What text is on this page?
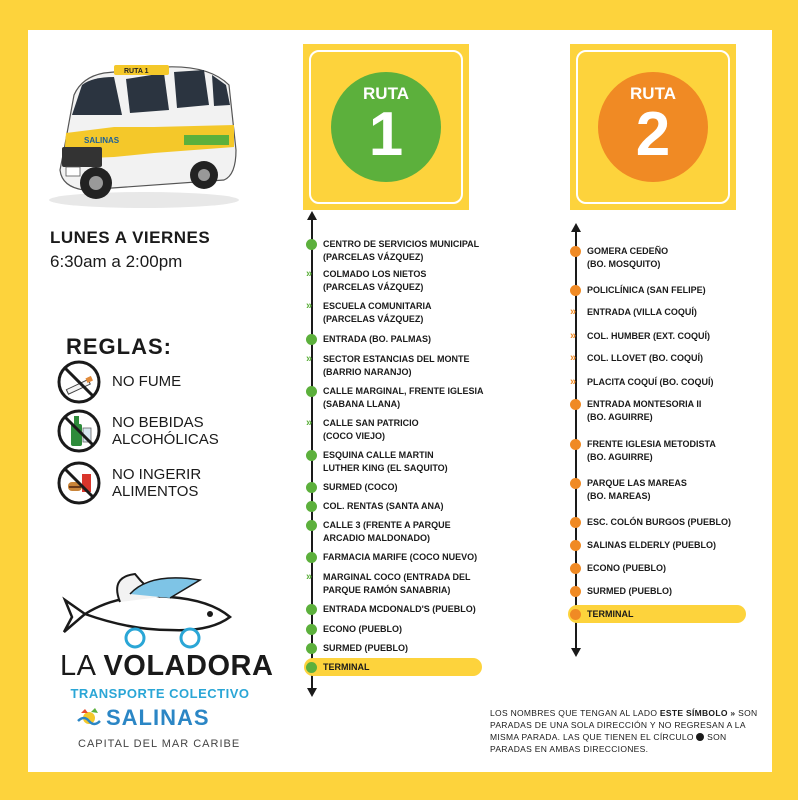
RUTA 1
SALINAS
LUNES A VIERNES
6:30am a 2:00pm
REGLAS:
NO FUME
NO BEBIDAS ALCOHÓLICAS
NO INGERIR ALIMENTOS
LA VOLADORA
TRANSPORTE COLECTIVO
SALINAS
CAPITAL DEL MAR CARIBE
RUTA
1
RUTA
2
CENTRO DE SERVICIOS MUNICIPAL
(PARCELAS VÁZQUEZ)
» COLMADO LOS NIETOS
(PARCELAS VÁZQUEZ)
» ESCUELA COMUNITARIA
(PARCELAS VÁZQUEZ)
ENTRADA (BO. PALMAS)
» SECTOR ESTANCIAS DEL MONTE
(BARRIO NARANJO)
CALLE MARGINAL, FRENTE IGLESIA
(SABANA LLANA)
» CALLE SAN PATRICIO
(COCO VIEJO)
ESQUINA CALLE MARTIN
LUTHER KING (EL SAQUITO)
SURMED (COCO)
COL. RENTAS (SANTA ANA)
CALLE 3 (FRENTE A PARQUE
ARCADIO MALDONADO)
FARMACIA MARIFE (COCO NUEVO)
» MARGINAL COCO (ENTRADA DEL
PARQUE RAMÓN SANABRIA)
ENTRADA MCDONALD'S (PUEBLO)
ECONO (PUEBLO)
SURMED (PUEBLO)
TERMINAL
GOMERA CEDEÑO
(BO. MOSQUITO)
POLICLÍNICA (SAN FELIPE)
» ENTRADA (VILLA COQUÍ)
» COL. HUMBER (EXT. COQUÍ)
» COL. LLOVET (BO. COQUÍ)
» PLACITA COQUÍ (BO. COQUÍ)
ENTRADA MONTESORIA II
(BO. AGUIRRE)
FRENTE IGLESIA METODISTA
(BO. AGUIRRE)
PARQUE LAS MAREAS
(BO. MAREAS)
ESC. COLÓN BURGOS (PUEBLO)
SALINAS ELDERLY (PUEBLO)
ECONO (PUEBLO)
SURMED (PUEBLO)
TERMINAL
LOS NOMBRES QUE TENGAN AL LADO ESTE SÍMBOLO » SON PARADAS DE UNA SOLA DIRECCIÓN Y NO REGRESAN A LA MISMA PARADA. LAS QUE TIENEN EL CÍRCULO  SON PARADAS EN AMBAS DIRECCIONES.
